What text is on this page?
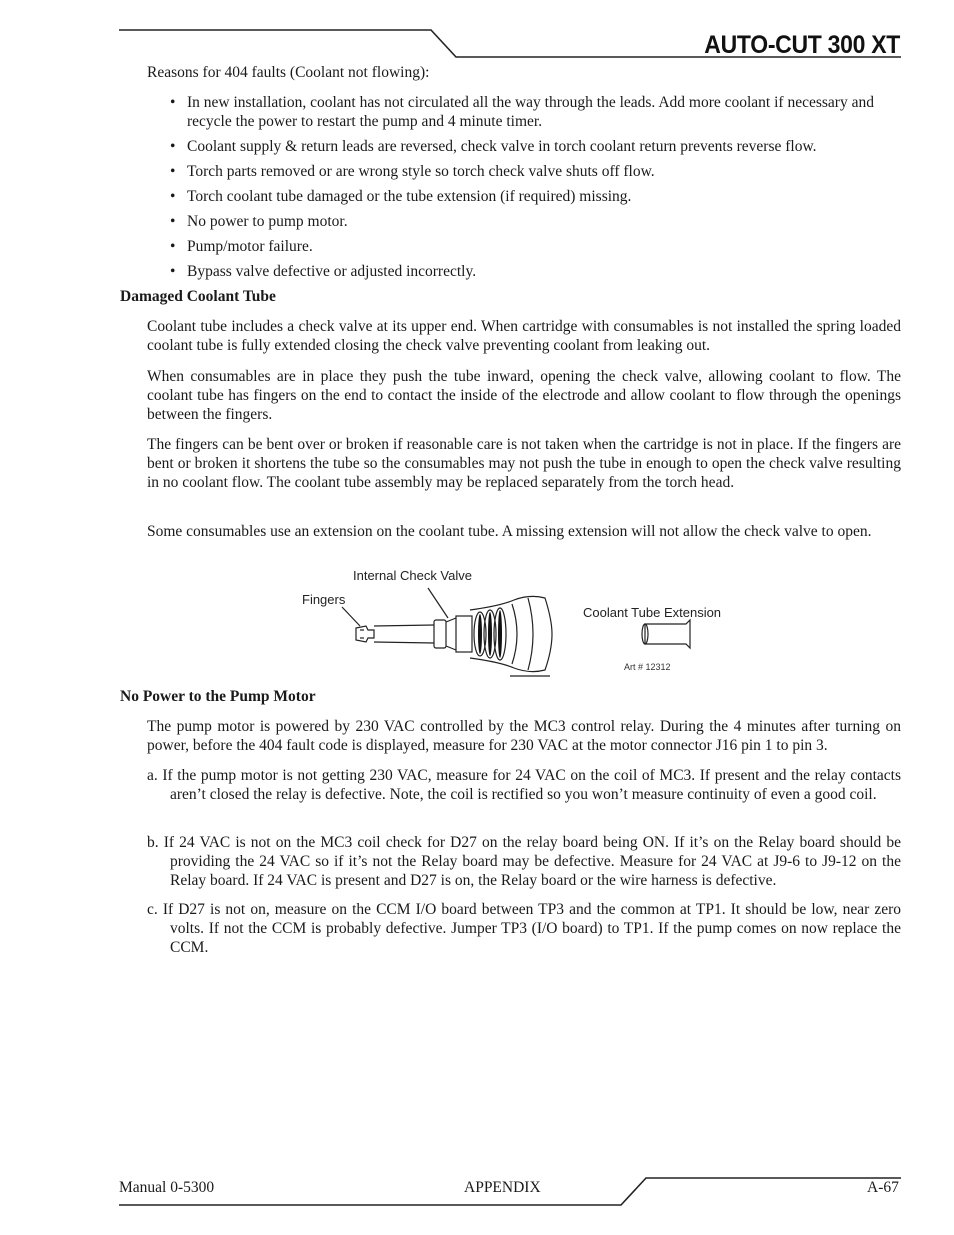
AUTO-CUT 300 XT
Reasons for 404 faults (Coolant not flowing):
• In new installation, coolant has not circulated all the way through the leads. Add more coolant if necessary and recycle the power to restart the pump and 4 minute timer.
• Coolant supply & return leads are reversed, check valve in torch coolant return prevents reverse flow.
• Torch parts removed or are wrong style so torch check valve shuts off flow.
• Torch coolant tube damaged or the tube extension (if required) missing.
• No power to pump motor.
• Pump/motor failure.
• Bypass valve defective or adjusted incorrectly.
Damaged Coolant Tube

Coolant tube includes a check valve at its upper end. When cartridge with consumables is not installed the spring loaded coolant tube is fully extended closing the check valve preventing coolant from leaking out.

When consumables are in place they push the tube inward, opening the check valve, allowing coolant to flow. The coolant tube has fingers on the end to contact the inside of the electrode and allow coolant to flow through the openings between the fingers.

The fingers can be bent over or broken if reasonable care is not taken when the cartridge is not in place. If the fingers are bent or broken it shortens the tube so the consumables may not push the tube in enough to open the check valve resulting in no coolant flow. The coolant tube assembly may be replaced separately from the torch head.

Some consumables use an extension on the coolant tube. A missing extension will not allow the check valve to open.

Internal Check Valve
Fingers
Coolant Tube Extension
Art # 12312
No Power to the Pump Motor

The pump motor is powered by 230 VAC controlled by the MC3 control relay. During the 4 minutes after turning on power, before the 404 fault code is displayed, measure for 230 VAC at the motor connector J16 pin 1 to pin 3.

a. If the pump motor is not getting 230 VAC, measure for 24 VAC on the coil of MC3. If present and the relay contacts aren’t closed the relay is defective. Note, the coil is rectified so you won’t measure continuity of even a good coil.

b. If 24 VAC is not on the MC3 coil check for D27 on the relay board being ON. If it’s on the Relay board should be providing the 24 VAC so if it’s not the Relay board may be defective. Measure for 24 VAC at J9-6 to J9-12 on the Relay board. If 24 VAC is present and D27 is on, the Relay board or the wire harness is defective.

c. If D27 is not on, measure on the CCM I/O board between TP3 and the common at TP1. It should be low, near zero volts. If not the CCM is probably defective. Jumper TP3 (I/O board) to TP1. If the pump comes on now replace the CCM.

Manual 0-5300	APPENDIX	A-67
